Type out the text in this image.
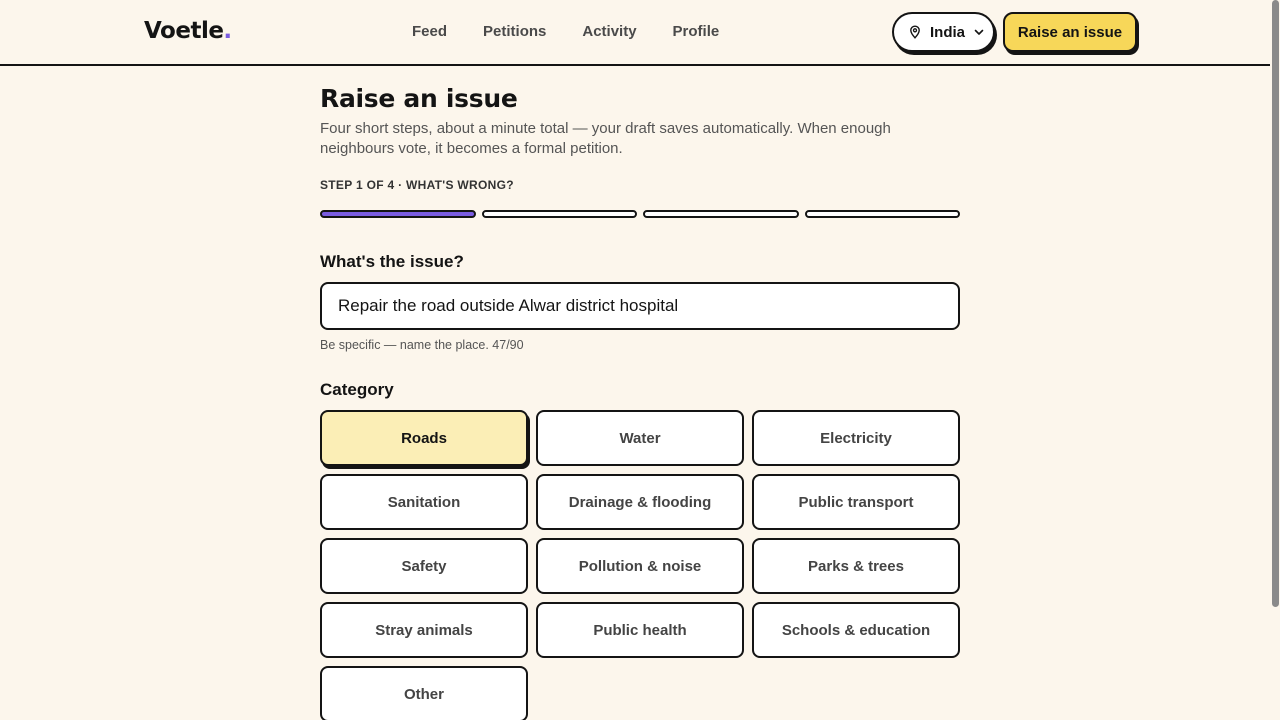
Voetle.	Feed	Petitions	Activity	Profile	India	Raise an issue
Raise an issue

Four short steps, about a minute total — your draft saves automatically. When enough neighbours vote, it becomes a formal petition.

STEP 1 OF 4 · WHAT'S WRONG?
What's the issue?
Repair the road outside Alwar district hospital
Be specific — name the place. 47/90
Category
Roads	Water	Electricity
Sanitation	Drainage & flooding	Public transport
Safety	Pollution & noise	Parks & trees
Stray animals	Public health	Schools & education
Other
